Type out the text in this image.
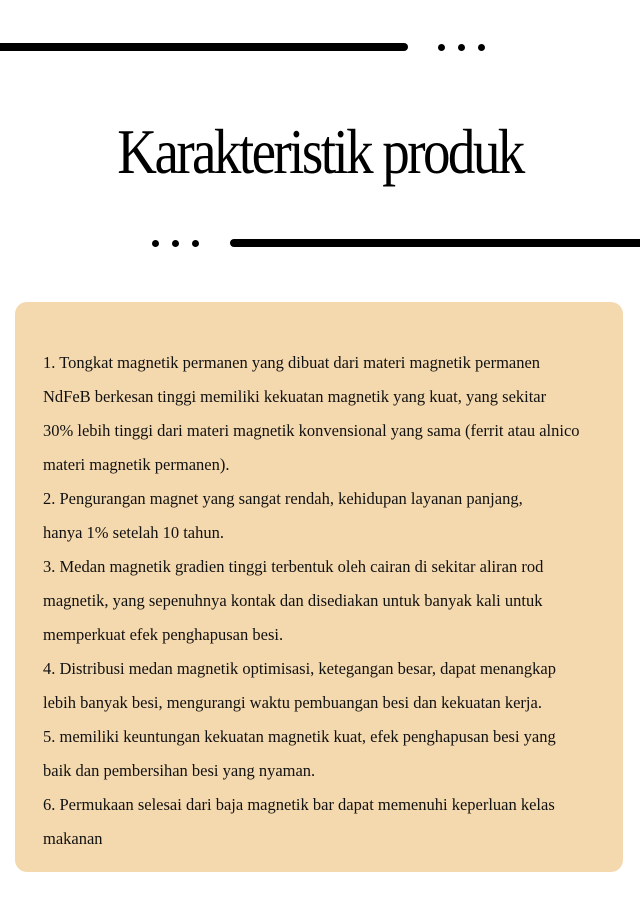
Karakteristik produk

1. Tongkat magnetik permanen yang dibuat dari materi magnetik permanen

NdFeB berkesan tinggi memiliki kekuatan magnetik yang kuat, yang sekitar

30% lebih tinggi dari materi magnetik konvensional yang sama (ferrit atau alnico

materi magnetik permanen).

2. Pengurangan magnet yang sangat rendah, kehidupan layanan panjang,

hanya 1% setelah 10 tahun.

3. Medan magnetik gradien tinggi terbentuk oleh cairan di sekitar aliran rod

magnetik, yang sepenuhnya kontak dan disediakan untuk banyak kali untuk

memperkuat efek penghapusan besi.

4. Distribusi medan magnetik optimisasi, ketegangan besar, dapat menangkap

lebih banyak besi, mengurangi waktu pembuangan besi dan kekuatan kerja.

5. memiliki keuntungan kekuatan magnetik kuat, efek penghapusan besi yang

baik dan pembersihan besi yang nyaman.

6. Permukaan selesai dari baja magnetik bar dapat memenuhi keperluan kelas

makanan
